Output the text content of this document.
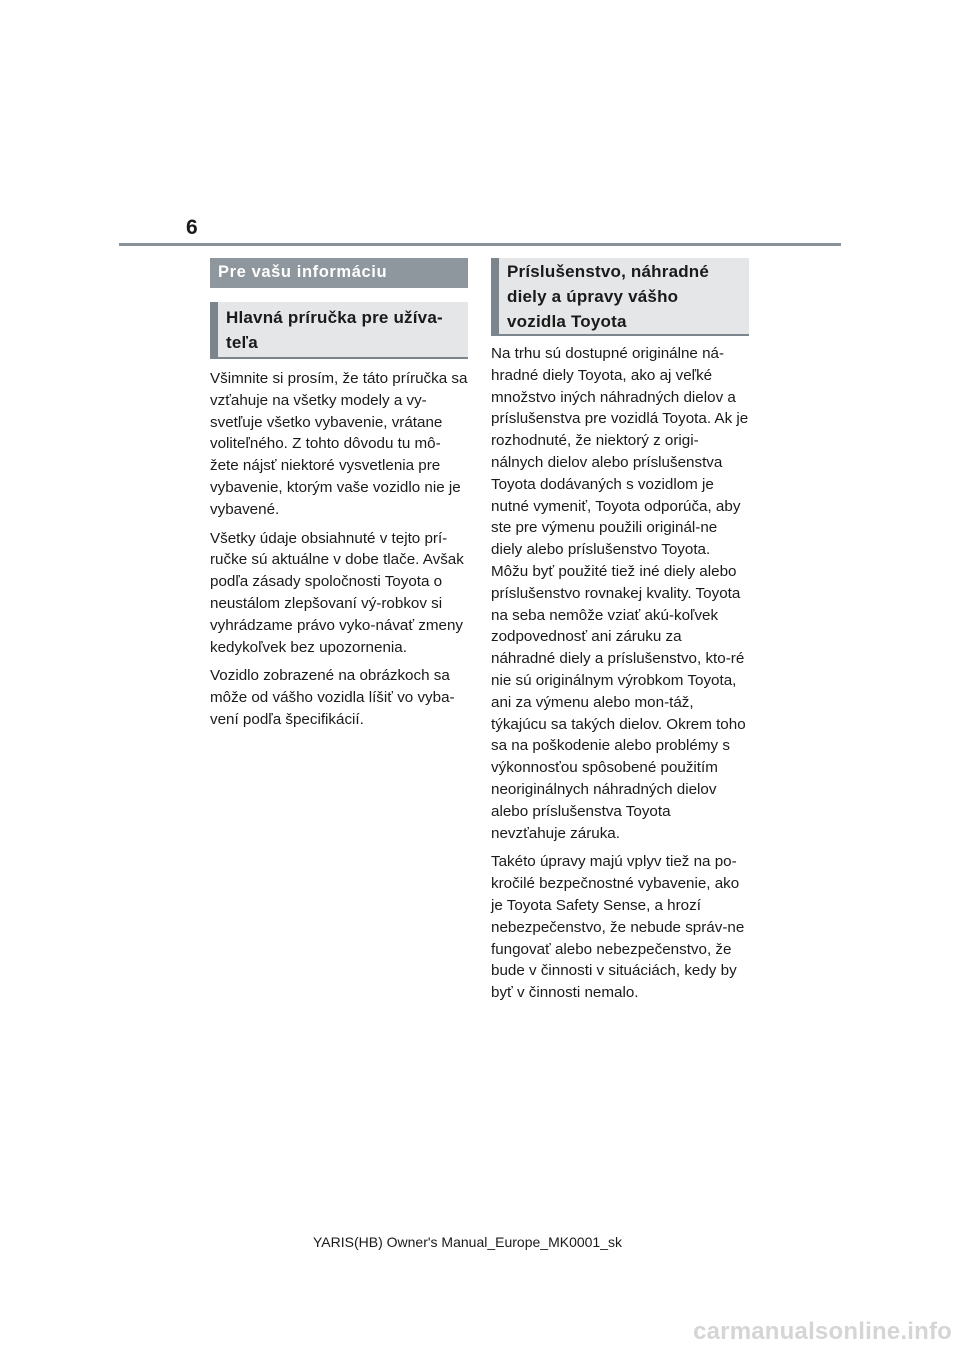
6
Pre vašu informáciu
Hlavná príručka pre užíva-teľa

Všimnite si prosím, že táto príručka sa vzťahuje na všetky modely a vy-svetľuje všetko vybavenie, vrátane voliteľného. Z tohto dôvodu tu mô-žete nájsť niektoré vysvetlenia pre vybavenie, ktorým vaše vozidlo nie je vybavené.

Všetky údaje obsiahnuté v tejto prí-ručke sú aktuálne v dobe tlače. Avšak podľa zásady spoločnosti Toyota o neustálom zlepšovaní vý-robkov si vyhrádzame právo vyko-návať zmeny kedykoľvek bez upozornenia.

Vozidlo zobrazené na obrázkoch sa môže od vášho vozidla líšiť vo vyba-vení podľa špecifikácií.

Príslušenstvo, náhradné diely a úpravy vášho vozidla Toyota

Na trhu sú dostupné originálne ná-hradné diely Toyota, ako aj veľké množstvo iných náhradných dielov a príslušenstva pre vozidlá Toyota. Ak je rozhodnuté, že niektorý z origi-nálnych dielov alebo príslušenstva Toyota dodávaných s vozidlom je nutné vymeniť, Toyota odporúča, aby ste pre výmenu použili originál-ne diely alebo príslušenstvo Toyota. Môžu byť použité tiež iné diely alebo príslušenstvo rovnakej kvality. Toyota na seba nemôže vziať akú-koľvek zodpovednosť ani záruku za náhradné diely a príslušenstvo, kto-ré nie sú originálnym výrobkom Toyota, ani za výmenu alebo mon-táž, týkajúcu sa takých dielov. Okrem toho sa na poškodenie alebo problémy s výkonnosťou spôsobené použitím neoriginálnych náhradných dielov alebo príslušenstva Toyota nevzťahuje záruka.

Takéto úpravy majú vplyv tiež na po-kročilé bezpečnostné vybavenie, ako je Toyota Safety Sense, a hrozí nebezpečenstvo, že nebude správ-ne fungovať alebo nebezpečenstvo, že bude v činnosti v situáciách, kedy by byť v činnosti nemalo.

YARIS(HB) Owner's Manual_Europe_MK0001_sk
carmanualsonline.info
